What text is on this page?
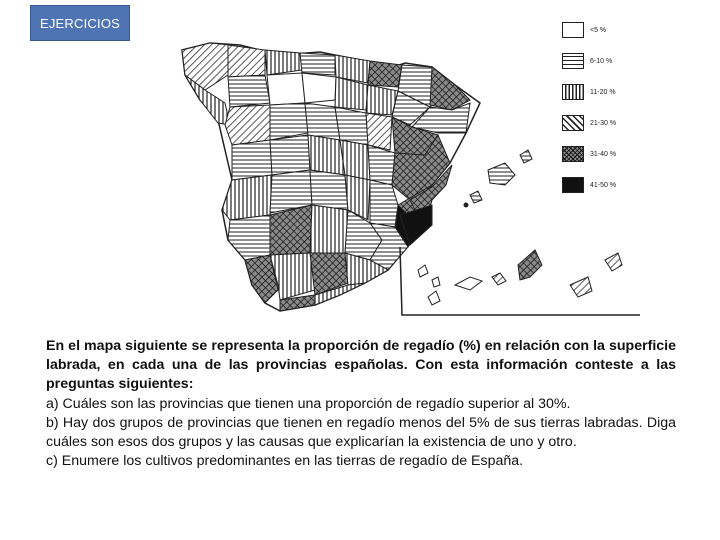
EJERCICIOS	<5 %
6-10 %
11-20 %
21-30 %
31-40 %
41-50 %

En el mapa siguiente se representa la proporción de regadío (%) en relación con la superficie labrada, en cada una de las provincias españolas. Con esta información conteste a las preguntas siguientes:

a) Cuáles son las provincias que tienen una proporción de regadío superior al 30%.

b) Hay dos grupos de provincias que tienen en regadío menos del 5% de sus tierras labradas. Diga cuáles son esos dos grupos y las causas que explicarían la existencia de uno y otro.

c) Enumere los cultivos predominantes en las tierras de regadío de España.
